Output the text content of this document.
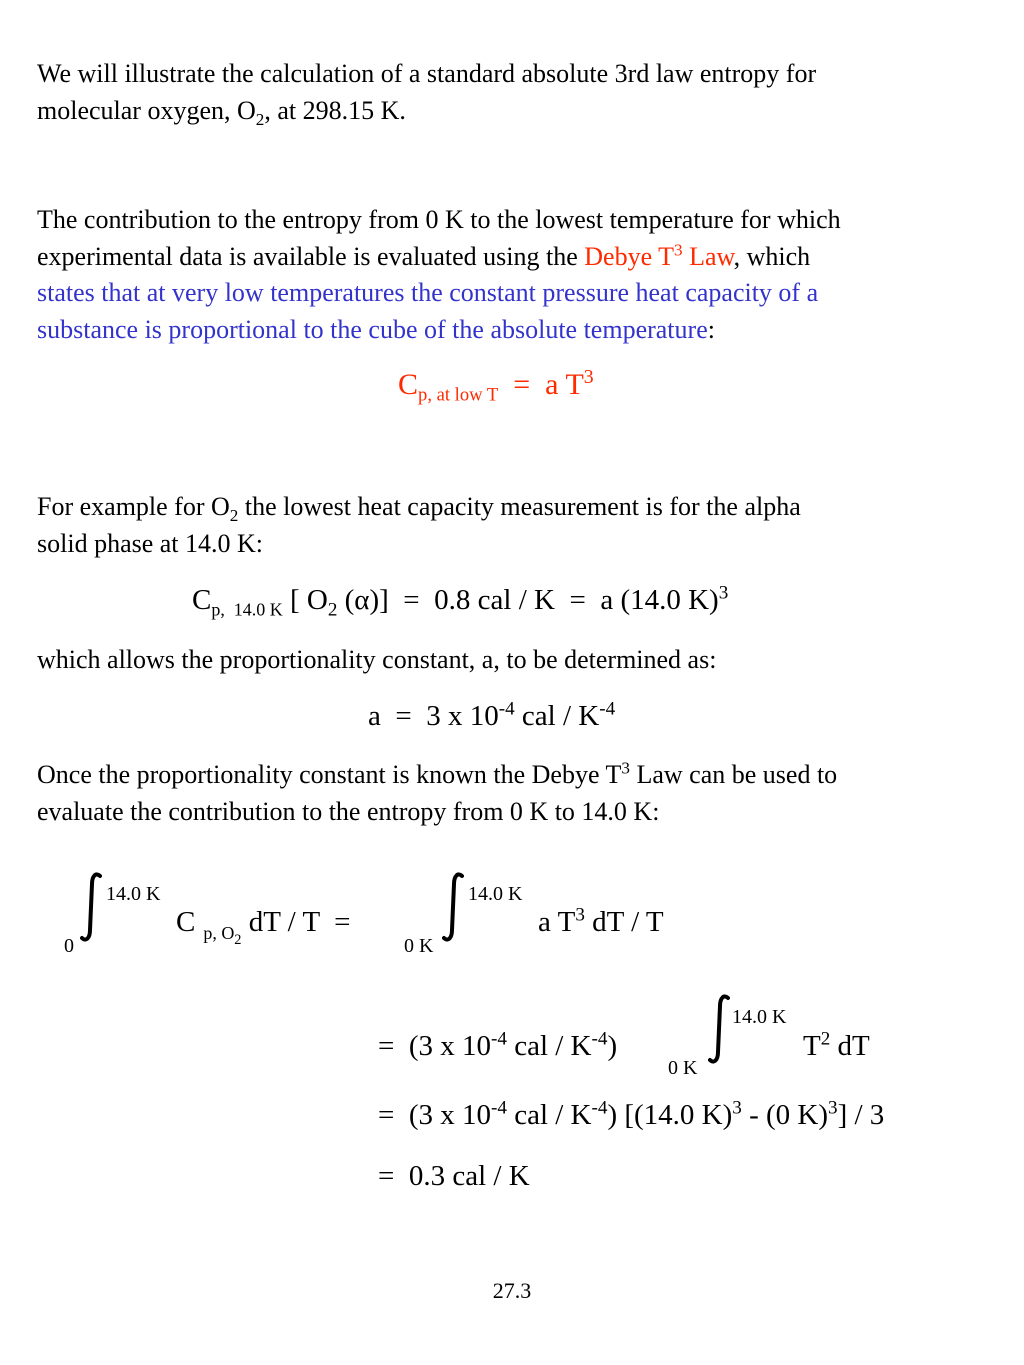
We will illustrate the calculation of a standard absolute 3rd law entropy for
molecular oxygen, $O_2$, at 298.15 K.
The contribution to the entropy from 0 K to the lowest temperature for which
experimental data is available is evaluated using the Debye $T^3$ Law, which
states that at very low temperatures the constant pressure heat capacity of a
substance is proportional to the cube of the absolute temperature:
$C_{p, at low T} = a$ $T^3$
For example for $O_2$ the lowest heat capacity measurement is for the alpha
solid phase at 14.0 K:
$C_{p, 14.0 K}$ [ $O_2$ (α)]  =  0.8 cal / K  =  a (14.0 K)$^3$
which allows the proportionality constant, a, to be determined as:
a  =  3 x $10^{-4}$ cal / $K^{-4}$
Once the proportionality constant is known the Debye $T^3$ Law can be used to
evaluate the contribution to the entropy from 0 K to 14.0 K:
14.0 K
0
C $_{p, O_2}$ dT / T  =
14.0 K
0 K
a $T^3$ dT / T
=  (3 x $10^{-4}$ cal / $K^{-4}$)
14.0 K
0 K
$T^2$ dT
=  (3 x $10^{-4}$ cal / $K^{-4}$) [(14.0 K)$^3$ - (0 K)$^3$] / 3
=  0.3 cal / K
27.3
